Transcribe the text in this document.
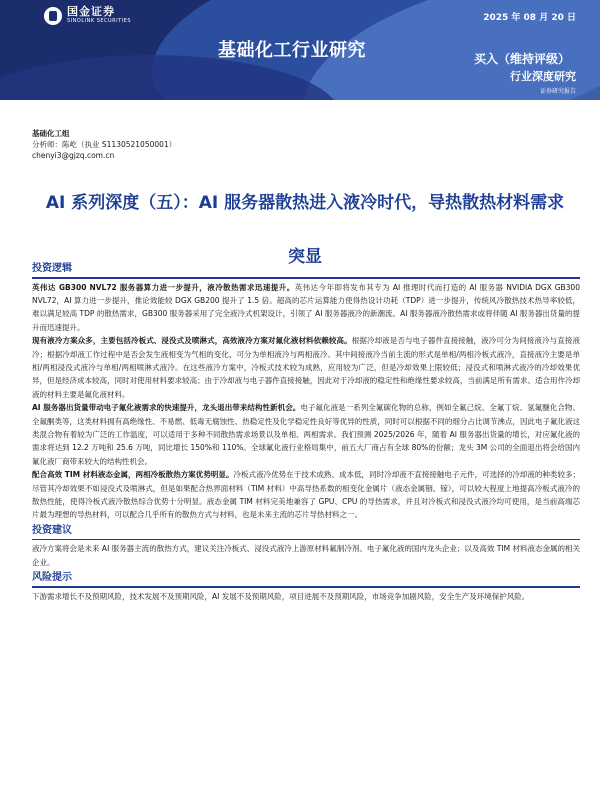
国金证券
SINOLINK SECURITIES	2025 年 08 月 20 日
基础化工行业研究	买入（维持评级）
行业深度研究
证券研究报告
基础化工组
分析师：陈屹（执业 S1130521050001）
chenyi3@gjzq.com.cn
AI 系列深度（五）：AI 服务器散热进入液冷时代，导热散热材料需求突显
投资逻辑

英伟达 GB300 NVL72 服务器算力进一步提升，液冷散热需求迅速提升。英伟达今年即将发布其专为 AI 推理时代而打造的 AI 服务器 NVIDIA DGX GB300 NVL72，AI 算力进一步提升，推论效能较 DGX GB200 提升了 1.5 倍。超高的芯片运算能力使得热设计功耗（TDP）进一步提升，传统风冷散热技术热导率较低，难以满足较高 TDP 的散热需求，GB300 服务器采用了完全液冷式机架设计，引领了 AI 服务器液冷的新潮流。AI 服务器液冷散热需求或将伴随 AI 服务器出货量的提升而迅速提升。

现有液冷方案众多，主要包括冷板式、浸没式及喷淋式，高效液冷方案对氟化液材料依赖较高。根据冷却液是否与电子器件直接接触，液冷可分为间接液冷与直接液冷；根据冷却液工作过程中是否会发生液相变为气相的变化，可分为单相液冷与两相液冷。其中间接液冷当前主流的形式是单相/两相冷板式液冷，直接液冷主要是单相/两相浸没式液冷与单相/两相喷淋式液冷。在这些液冷方案中，冷板式技术较为成熟，应用较为广泛，但是冷却效果上限较低；浸没式和喷淋式液冷的冷却效果优异，但是经济成本较高，同时对使用材料要求较高；由于冷却液与电子器件直接接触，因此对于冷却液的稳定性和绝缘性要求较高，当前满足所有需求、适合用作冷却液的材料主要是氟化液材料。

AI 服务器出货量带动电子氟化液需求的快速提升，龙头退出带来结构性新机会。电子氟化液是一系列全氟碳化物的总称，例如全氟己烷、全氟丁烷、氢氟醚化合物、全氟酮类等，这类材料拥有高绝缘性、不易燃、低毒无腐蚀性、热稳定性及化学稳定性良好等优异的性质，同时可以根据不同的细分占比调节沸点，因此电子氟化液这类混合物有着较为广泛的工作温度，可以适用于多种不同散热需求场景以及单相、两相需求。我们预测 2025/2026 年，随着 AI 服务器出货量的增长，对应氟化液的需求将达到 12.2 万吨和 25.6 万吨，同比增长 150%和 110%。全球氟化液行业格局集中，前五大厂商占有全球 80%的份额；龙头 3M 公司的全面退出将会给国内氟化液厂商带来较大的结构性机会。

配合高效 TIM 材料液态金属，两相冷板散热方案优势明显。冷板式液冷优势在于技术成熟、成本低，同时冷却液不直接接触电子元件，可选择的冷却液的种类较多；尽管其冷却效果不如浸没式及喷淋式，但是如果配合热界面材料（TIM 材料）中高导热系数的相变化金属片（液态金属铟、镓），可以较大程度上地提高冷板式液冷的散热性能，使得冷板式液冷散热综合优势十分明显。液态金属 TIM 材料完美地兼容了 GPU、CPU 的导热需求，并且对冷板式和浸没式液冷均可使用，是当前高端芯片最为理想的导热材料，可以配合几乎所有的散热方式与材料，也是未来主流的芯片导热材料之一。

投资建议

液冷方案将会是未来 AI 服务器主流的散热方式，建议关注冷板式、浸没式液冷上游原材料氟制冷剂、电子氟化液的国内龙头企业；以及高效 TIM 材料液态金属的相关企业。

风险提示

下游需求增长不及预期风险，技术发展不及预期风险，AI 发展不及预期风险，项目进展不及预期风险，市场竞争加剧风险，安全生产及环境保护风险。
